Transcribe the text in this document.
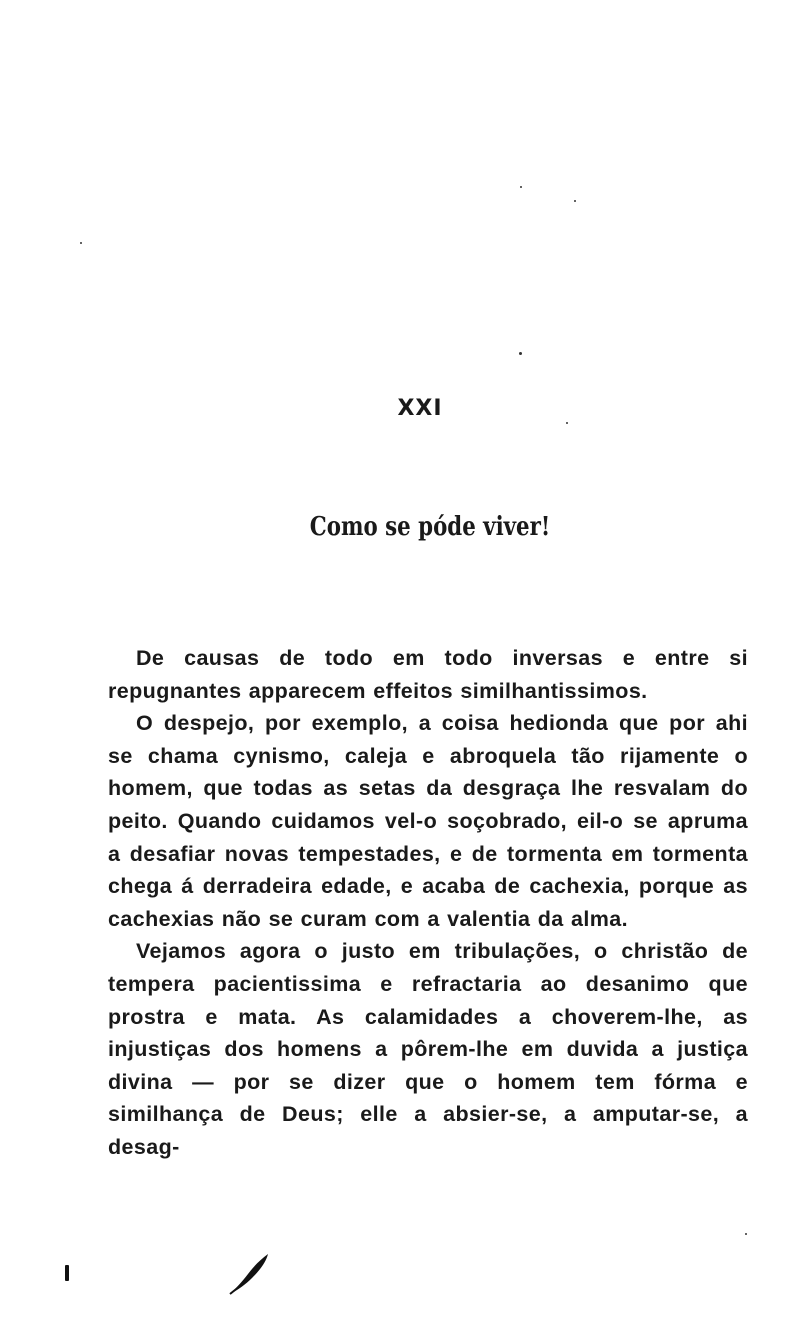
XXI
Como se póde viver!

De causas de todo em todo inversas e entre si repugnantes apparecem effeitos similhantissimos.

O despejo, por exemplo, a coisa hedionda que por ahi se chama cynismo, caleja e abroquela tão rijamente o homem, que todas as setas da desgraça lhe resvalam do peito. Quando cuidamos vel-o soçobrado, eil-o se apruma a desafiar novas tempestades, e de tormenta em tormenta chega á derradeira edade, e acaba de cachexia, porque as cachexias não se curam com a valentia da alma.

Vejamos agora o justo em tribulações, o christão de tempera pacientissima e refractaria ao desanimo que prostra e mata. As calamidades a choverem-lhe, as injustiças dos homens a pôrem-lhe em duvida a justiça divina — por se dizer que o homem tem fórma e similhança de Deus; elle a absier-se, a amputar-se, a desag-
